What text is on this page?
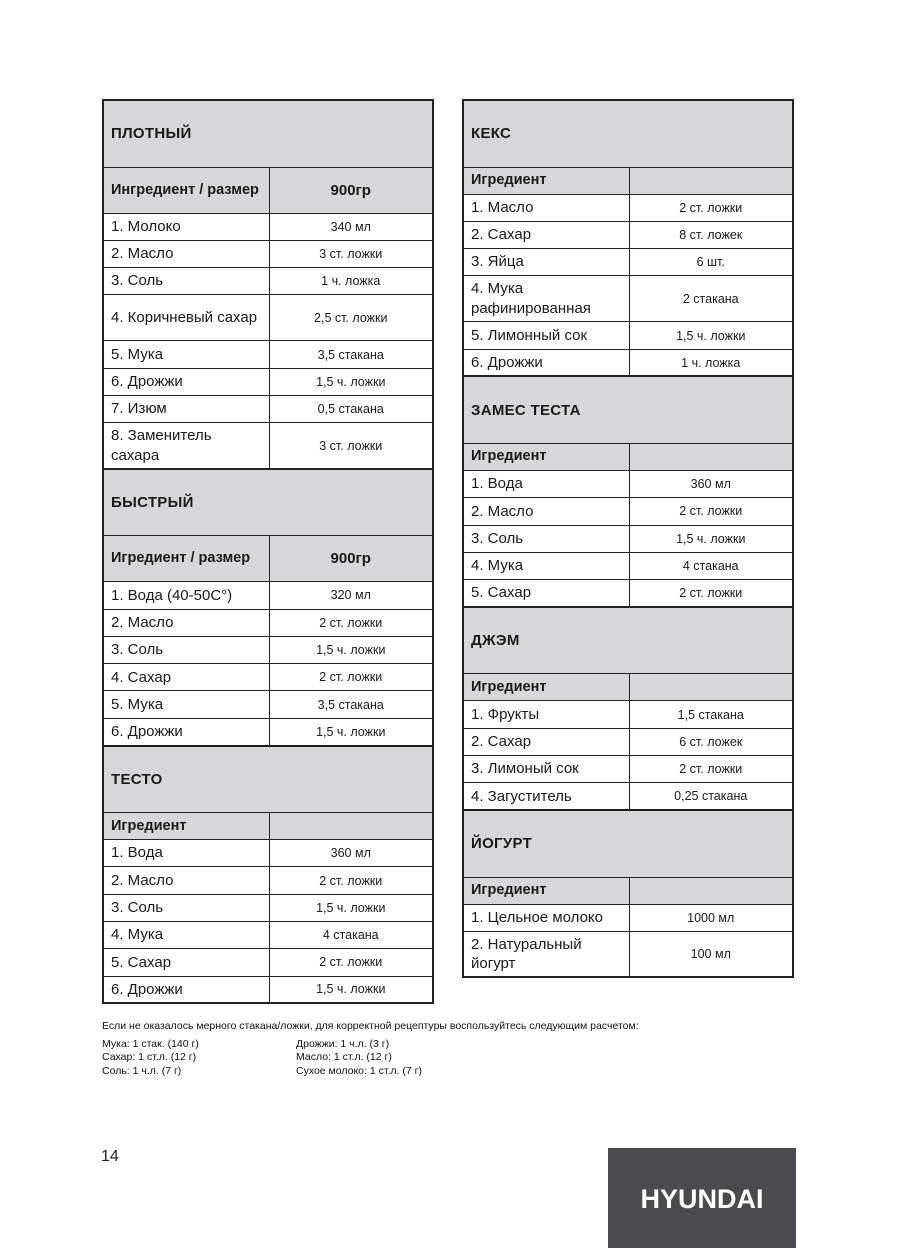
ПЛОТНЫЙ	
Ингредиент / размер	900гр
1. Молоко	340 мл
2. Масло	3 ст. ложки
3. Соль	1 ч. ложка
4. Коричневый сахар	2,5 ст. ложки
5. Мука	3,5 стакана
6. Дрожжи	1,5 ч. ложки
7. Изюм	0,5 стакана
8. Заменитель сахара	3 ст. ложки
БЫСТРЫЙ	
Игредиент / размер	900гр
1. Вода (40-50С°)	320 мл
2. Масло	2 ст. ложки
3. Соль	1,5 ч. ложки
4. Сахар	2 ст. ложки
5. Мука	3,5 стакана
6. Дрожжи	1,5 ч. ложки
ТЕСТО	
Игредиент	
1. Вода	360 мл
2. Масло	2 ст. ложки
3. Соль	1,5 ч. ложки
4. Мука	4 стакана
5. Сахар	2 ст. ложки
6. Дрожжи	1,5 ч. ложки
КЕКС	
Игредиент	
1. Масло	2 ст. ложки
2. Сахар	8 ст. ложек
3. Яйца	6 шт.
4. Мука рафинированная	2 стакана
5. Лимонный сок	1,5 ч. ложки
6. Дрожжи	1 ч. ложка
ЗАМЕС ТЕСТА	
Игредиент	
1. Вода	360 мл
2. Масло	2 ст. ложки
3. Соль	1,5 ч. ложки
4. Мука	4 стакана
5. Сахар	2 ст. ложки
ДЖЭМ	
Игредиент	
1. Фрукты	1,5 стакана
2. Сахар	6 ст. ложек
3. Лимоный сок	2 ст. ложки
4. Загуститель	0,25 стакана
ЙОГУРТ	
Игредиент	
1. Цельное молоко	1000 мл
2. Натуральный йогурт	100 мл
Если не оказалось мерного стакана/ложки, для корректной рецептуры воспользуйтесь следующим расчетом:
Мука: 1 стак. (140 г)	Дрожжи: 1 ч.л. (3 г)
Сахар: 1 ст.л. (12 г)	Масло: 1 ст.л. (12 г)
Соль: 1 ч.л. (7 г)	Сухое молоко: 1 ст.л. (7 г)
14
HYUNDAI
